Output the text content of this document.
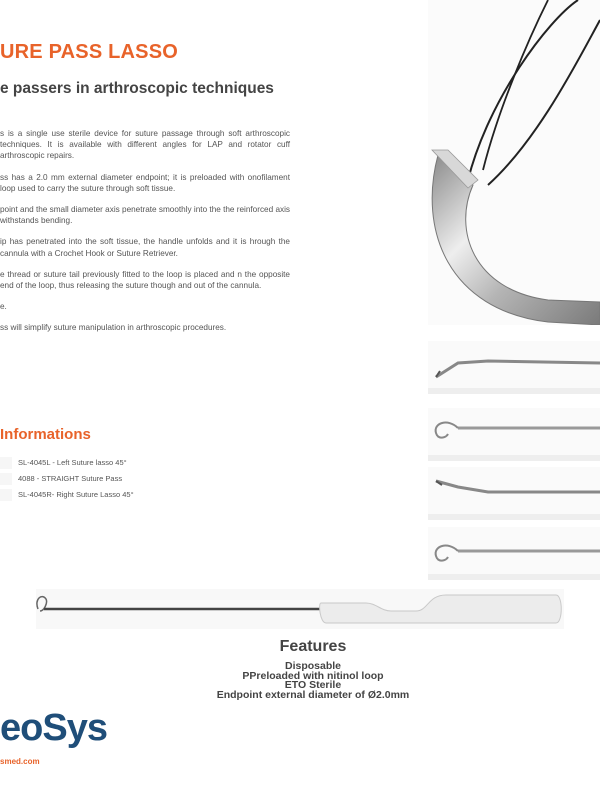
URE PASS LASSO
e passers in arthroscopic techniques

s is a single use sterile device for suture passage through soft arthroscopic techniques. It is available with different angles for LAP and rotator cuff arthroscopic repairs.

ss has a 2.0 mm external diameter endpoint; it is preloaded with onofilament loop used to carry the suture through soft tissue.

point and the small diameter axis penetrate smoothly into the the reinforced axis withstands bending.

ip has penetrated into the soft tissue, the handle unfolds and it is hrough the cannula with a Crochet Hook or Suture Retriever.

e thread or suture tail previously fitted to the loop is placed and n the opposite end of the loop, thus releasing the suture though and out of the cannula.

e.

ss will simplify suture manipulation in arthroscopic procedures.

Informations
SL-4045L - Left Suture lasso 45°
4088 - STRAIGHT Suture Pass
SL-4045R- Right Suture Lasso 45°
Features
Disposable
PPreloaded with nitinol loop
ETO Sterile
Endpoint external diameter of Ø2.0mm
eoSys
smed.com
